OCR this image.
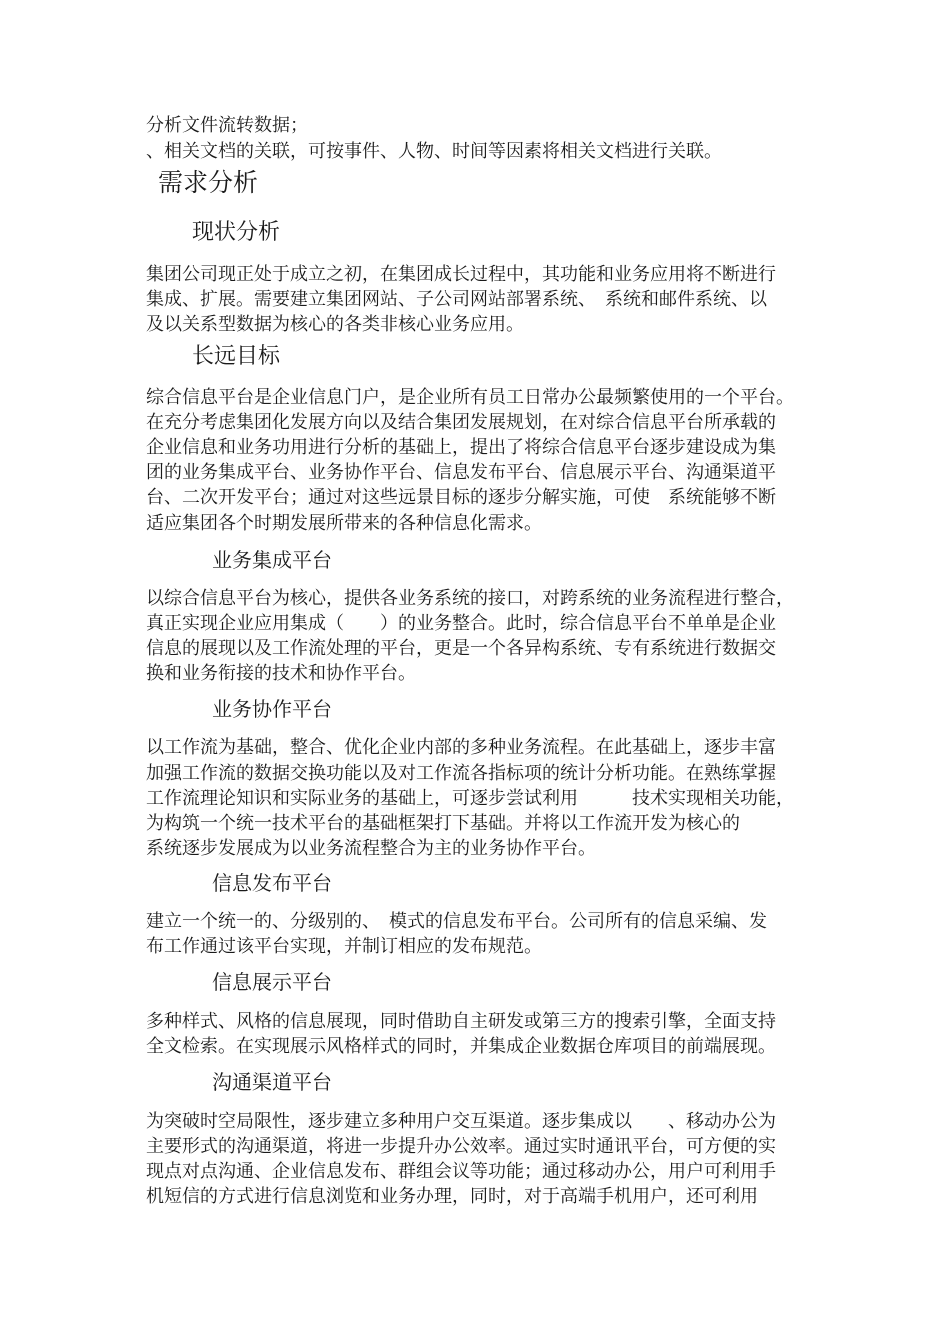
分析文件流转数据；
、相关文档的关联，可按事件、人物、时间等因素将相关文档进行关联。
需求分析
现状分析
集团公司现正处于成立之初，在集团成长过程中，其功能和业务应用将不断进行
集成、扩展。需要建立集团网站、子公司网站部署系统、　系统和邮件系统、以
及以关系型数据为核心的各类非核心业务应用。
长远目标
综合信息平台是企业信息门户，是企业所有员工日常办公最频繁使用的一个平台。
在充分考虑集团化发展方向以及结合集团发展规划，在对综合信息平台所承载的
企业信息和业务功用进行分析的基础上，提出了将综合信息平台逐步建设成为集
团的业务集成平台、业务协作平台、信息发布平台、信息展示平台、沟通渠道平
台、二次开发平台；通过对这些远景目标的逐步分解实施，可使　系统能够不断
适应集团各个时期发展所带来的各种信息化需求。
业务集成平台
以综合信息平台为核心，提供各业务系统的接口，对跨系统的业务流程进行整合，
真正实现企业应用集成（　　）的业务整合。此时，综合信息平台不单单是企业
信息的展现以及工作流处理的平台，更是一个各异构系统、专有系统进行数据交
换和业务衔接的技术和协作平台。
业务协作平台
以工作流为基础，整合、优化企业内部的多种业务流程。在此基础上，逐步丰富
加强工作流的数据交换功能以及对工作流各指标项的统计分析功能。在熟练掌握
工作流理论知识和实际业务的基础上，可逐步尝试利用　　　技术实现相关功能，
为构筑一个统一技术平台的基础框架打下基础。并将以工作流开发为核心的
系统逐步发展成为以业务流程整合为主的业务协作平台。
信息发布平台
建立一个统一的、分级别的、　模式的信息发布平台。公司所有的信息采编、发
布工作通过该平台实现，并制订相应的发布规范。
信息展示平台
多种样式、风格的信息展现，同时借助自主研发或第三方的搜索引擎，全面支持
全文检索。在实现展示风格样式的同时，并集成企业数据仓库项目的前端展现。
沟通渠道平台
为突破时空局限性，逐步建立多种用户交互渠道。逐步集成以　　、移动办公为
主要形式的沟通渠道，将进一步提升办公效率。通过实时通讯平台，可方便的实
现点对点沟通、企业信息发布、群组会议等功能；通过移动办公，用户可利用手
机短信的方式进行信息浏览和业务办理，同时，对于高端手机用户，还可利用
